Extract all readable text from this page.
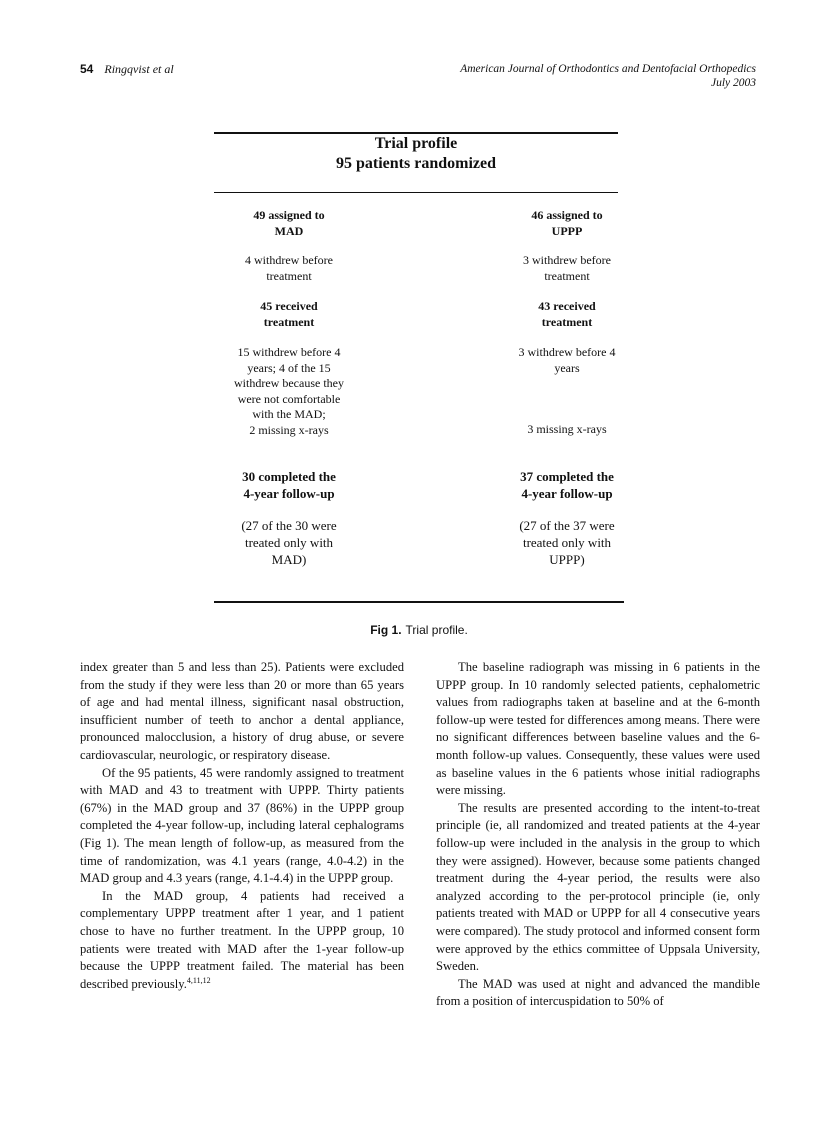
54 Ringqvist et al	American Journal of Orthodontics and Dentofacial Orthopedics
July 2003
Trial profile
95 patients randomized
49 assigned to
MAD
4 withdrew before
treatment
45 received
treatment
15 withdrew before 4
years; 4 of the 15
withdrew because they
were not comfortable
with the MAD;
2 missing x-rays
30 completed the
4-year follow-up
(27 of the 30 were
treated only with
MAD)
46 assigned to
UPPP
3 withdrew before
treatment
43 received
treatment
3 withdrew before 4
years
3 missing x-rays
37 completed the
4-year follow-up
(27 of the 37 were
treated only with
UPPP)
Fig 1. Trial profile.

index greater than 5 and less than 25). Patients were excluded from the study if they were less than 20 or more than 65 years of age and had mental illness, significant nasal obstruction, insufficient number of teeth to anchor a dental appliance, pronounced malocclusion, a history of drug abuse, or severe cardiovascular, neurologic, or respiratory disease.

Of the 95 patients, 45 were randomly assigned to treatment with MAD and 43 to treatment with UPPP. Thirty patients (67%) in the MAD group and 37 (86%) in the UPPP group completed the 4-year follow-up, including lateral cephalograms (Fig 1). The mean length of follow-up, as measured from the time of randomization, was 4.1 years (range, 4.0-4.2) in the MAD group and 4.3 years (range, 4.1-4.4) in the UPPP group.

In the MAD group, 4 patients had received a complementary UPPP treatment after 1 year, and 1 patient chose to have no further treatment. In the UPPP group, 10 patients were treated with MAD after the 1-year follow-up because the UPPP treatment failed. The material has been described previously.$^{4,11,12}$

The baseline radiograph was missing in 6 patients in the UPPP group. In 10 randomly selected patients, cephalometric values from radiographs taken at baseline and at the 6-month follow-up were tested for differences among means. There were no significant differences between baseline values and the 6-month follow-up values. Consequently, these values were used as baseline values in the 6 patients whose initial radiographs were missing.

The results are presented according to the intent-to-treat principle (ie, all randomized and treated patients at the 4-year follow-up were included in the analysis in the group to which they were assigned). However, because some patients changed treatment during the 4-year period, the results were also analyzed according to the per-protocol principle (ie, only patients treated with MAD or UPPP for all 4 consecutive years were compared). The study protocol and informed consent form were approved by the ethics committee of Uppsala University, Sweden.

The MAD was used at night and advanced the mandible from a position of intercuspidation to 50% of
